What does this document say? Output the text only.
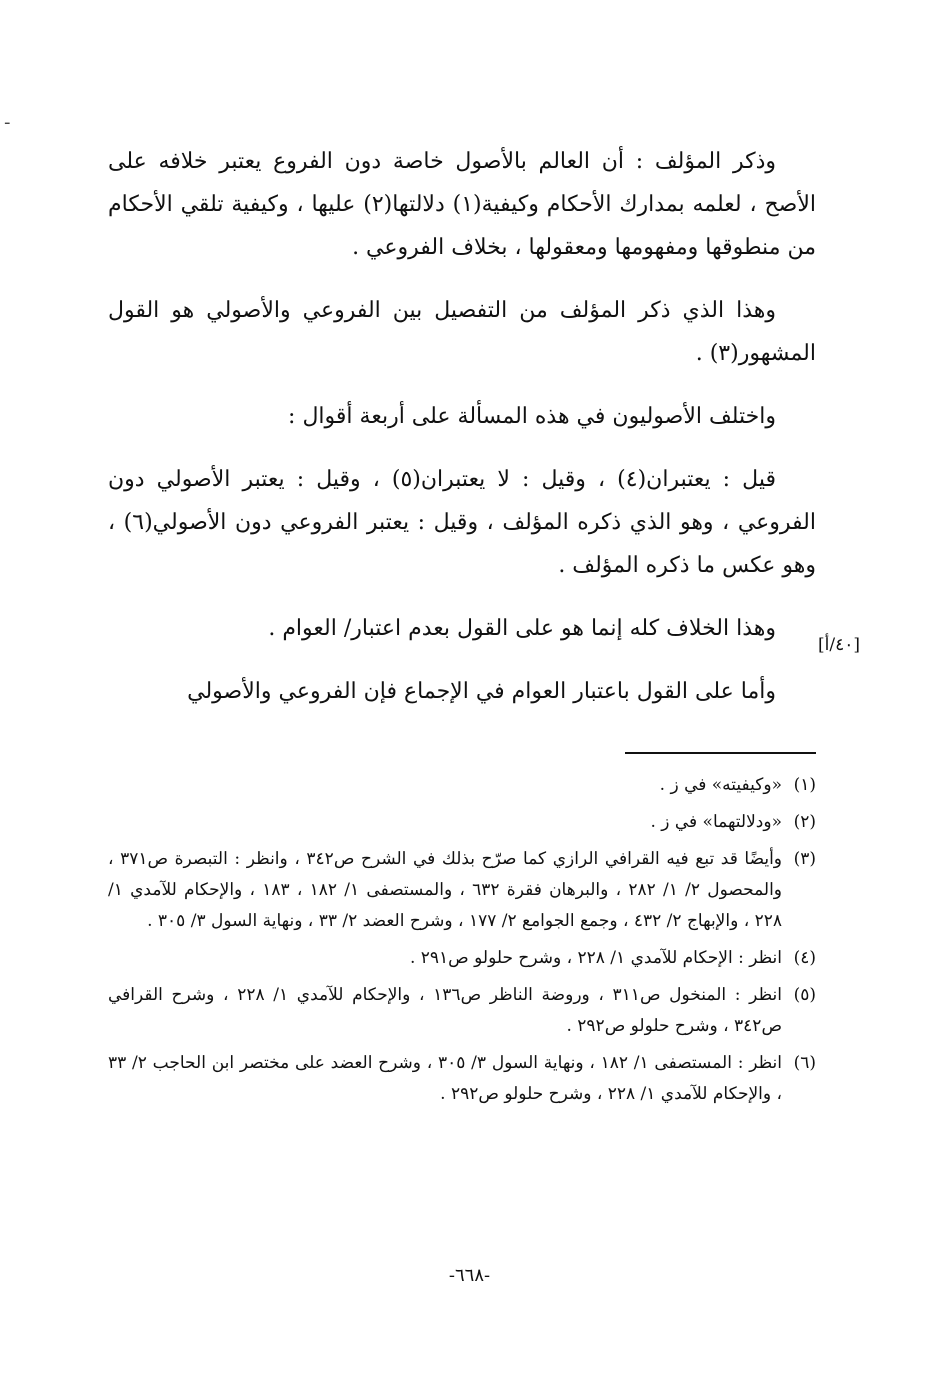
-

وذكر المؤلف : أن العالم بالأصول خاصة دون الفروع يعتبر خلافه على الأصح ، لعلمه بمدارك الأحكام وكيفية(١) دلالتها(٢) عليها ، وكيفية تلقي الأحكام من منطوقها ومفهومها ومعقولها ، بخلاف الفروعي .

وهذا الذي ذكر المؤلف من التفصيل بين الفروعي والأصولي هو القول المشهور(٣) .

واختلف الأصوليون في هذه المسألة على أربعة أقوال :

قيل : يعتبران(٤) ، وقيل : لا يعتبران(٥) ، وقيل : يعتبر الأصولي دون الفروعي ، وهو الذي ذكره المؤلف ، وقيل : يعتبر الفروعي دون الأصولي(٦) ، وهو عكس ما ذكره المؤلف .

وهذا الخلاف كله إنما هو على القول بعدم اعتبار/ العوام .

وأما على القول باعتبار العوام في الإجماع فإن الفروعي والأصولي

[٤٠/أ]
(١)
«وكيفيته» في ز .
(٢)
«ودلالتهما» في ز .
(٣)
وأيضًا قد تبع فيه القرافي الرازي كما صرّح بذلك في الشرح ص٣٤٢ ، وانظر : التبصرة ص٣٧١ ، والمحصول ٢/ ١/ ٢٨٢ ، والبرهان فقرة ٦٣٢ ، والمستصفى ١/ ١٨٢ ، ١٨٣ ، والإحكام للآمدي ١/ ٢٢٨ ، والإبهاج ٢/ ٤٣٢ ، وجمع الجوامع ٢/ ١٧٧ ، وشرح العضد ٢/ ٣٣ ، ونهاية السول ٣/ ٣٠٥ .
(٤)
انظر : الإحكام للآمدي ١/ ٢٢٨ ، وشرح حلولو ص٢٩١ .
(٥)
انظر : المنخول ص٣١١ ، وروضة الناظر ص١٣٦ ، والإحكام للآمدي ١/ ٢٢٨ ، وشرح القرافي ص٣٤٢ ، وشرح حلولو ص٢٩٢ .
(٦)
انظر : المستصفى ١/ ١٨٢ ، ونهاية السول ٣/ ٣٠٥ ، وشرح العضد على مختصر ابن الحاجب ٢/ ٣٣ ، والإحكام للآمدي ١/ ٢٢٨ ، وشرح حلولو ص٢٩٢ .
-٦٦٨-
